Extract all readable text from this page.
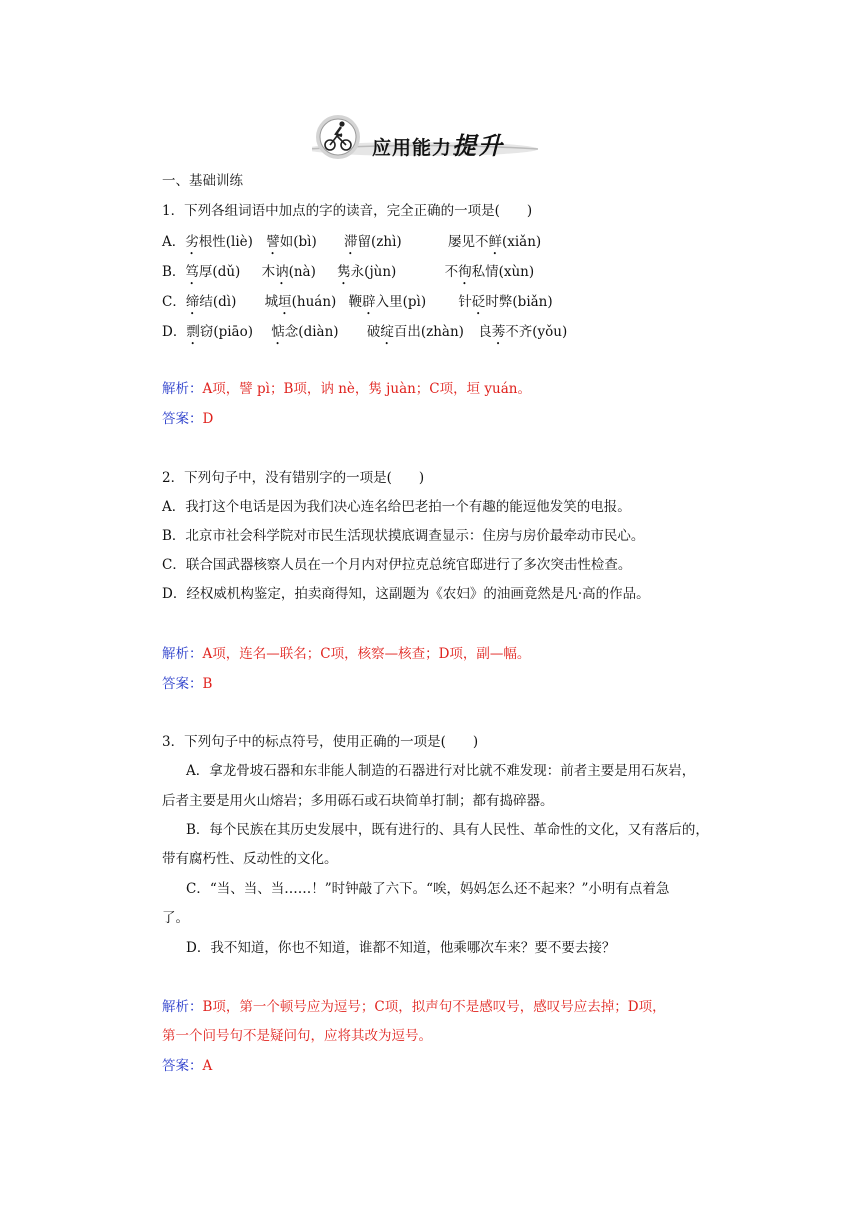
应用能力提升
一、基础训练
1．下列各组词语中加点的字的读音，完全正确的一项是(　　)
A．劣根性(liè) 譬如(bì) 滞留(zhì)	屡见不鲜(xiǎn)
B．笃厚(dǔ) 木讷(nà) 隽永(jùn)	不徇私情(xùn)
C．缔结(dì) 城垣(huán) 鞭辟入里(pì) 针砭时弊(biǎn)
D．剽窃(piāo) 惦念(diàn) 破绽百出(zhàn) 良莠不齐(yǒu)
解析：A项，譬 pì；B项，讷 nè，隽 juàn；C项，垣 yuán。
答案：D
2．下列句子中，没有错别字的一项是(　　)
A．我打这个电话是因为我们决心连名给巴老拍一个有趣的能逗他发笑的电报。
B．北京市社会科学院对市民生活现状摸底调查显示：住房与房价最牵动市民心。
C．联合国武器核察人员在一个月内对伊拉克总统官邸进行了多次突击性检查。
D．经权威机构鉴定，拍卖商得知，这副题为《农妇》的油画竟然是凡·高的作品。
解析：A项，连名—联名；C项，核察—核查；D项，副—幅。
答案：B
3．下列句子中的标点符号，使用正确的一项是(　　)
A．拿龙骨坡石器和东非能人制造的石器进行对比就不难发现：前者主要是用石灰岩，
后者主要是用火山熔岩；多用砾石或石块简单打制；都有捣碎器。
B．每个民族在其历史发展中，既有进行的、具有人民性、革命性的文化，又有落后的，
带有腐朽性、反动性的文化。
C．“当、当、当……！”时钟敲了六下。“唉，妈妈怎么还不起来？”小明有点着急
了。
D．我不知道，你也不知道，谁都不知道，他乘哪次车来？要不要去接？
解析：B项，第一个顿号应为逗号；C项，拟声句不是感叹号，感叹号应去掉；D项，
第一个问号句不是疑问句，应将其改为逗号。
答案：A
